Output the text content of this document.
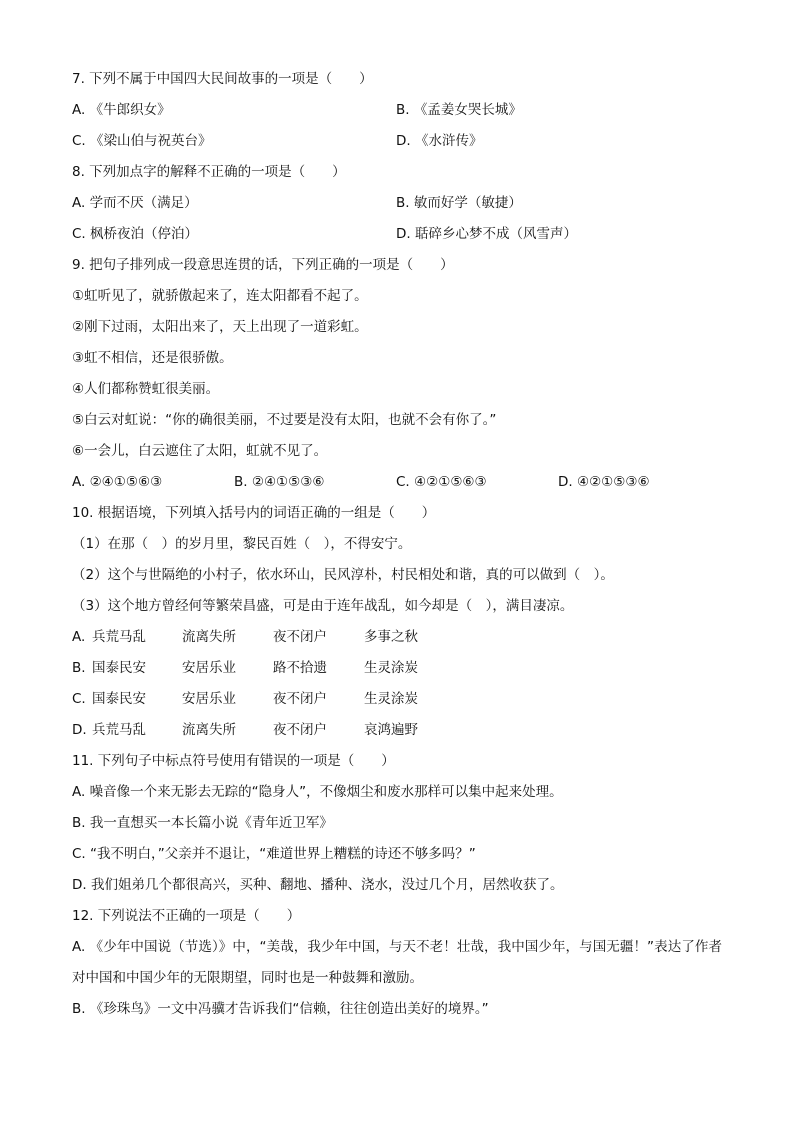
7. 下列不属于中国四大民间故事的一项是（　　）
A. 《牛郎织女》	B. 《孟姜女哭长城》
C. 《梁山伯与祝英台》	D. 《水浒传》
8. 下列加点字的解释不正确的一项是（　　）
A. 学而不厌（满足）	B. 敏而好学（敏捷）
C. 枫桥夜泊（停泊）	D. 聒碎乡心梦不成（风雪声）
9. 把句子排列成一段意思连贯的话，下列正确的一项是（　　）
①虹听见了，就骄傲起来了，连太阳都看不起了。
②刚下过雨，太阳出来了，天上出现了一道彩虹。
③虹不相信，还是很骄傲。
④人们都称赞虹很美丽。
⑤白云对虹说：“你的确很美丽，不过要是没有太阳，也就不会有你了。”
⑥一会儿，白云遮住了太阳，虹就不见了。
A. ②④①⑤⑥③	B. ②④①⑤③⑥	C. ④②①⑤⑥③	D. ④②①⑤③⑥
10. 根据语境，下列填入括号内的词语正确的一组是（　　）
（1）在那（　）的岁月里，黎民百姓（　），不得安宁。
（2）这个与世隔绝的小村子，依水环山，民风淳朴，村民相处和谐，真的可以做到（　）。
（3）这个地方曾经何等繁荣昌盛，可是由于连年战乱，如今却是（　），满目凄凉。
A. 兵荒马乱	流离失所	夜不闭户	多事之秋
B. 国泰民安	安居乐业	路不拾遗	生灵涂炭
C. 国泰民安	安居乐业	夜不闭户	生灵涂炭
D. 兵荒马乱	流离失所	夜不闭户	哀鸿遍野
11. 下列句子中标点符号使用有错误的一项是（　　）
A. 噪音像一个来无影去无踪的“隐身人”，不像烟尘和废水那样可以集中起来处理。
B. 我一直想买一本长篇小说《青年近卫军》
C. “我不明白，”父亲并不退让，“难道世界上糟糕的诗还不够多吗？”
D. 我们姐弟几个都很高兴，买种、翻地、播种、浇水，没过几个月，居然收获了。
12. 下列说法不正确的一项是（　　）
A. 《少年中国说（节选）》中，“美哉，我少年中国，与天不老！壮哉，我中国少年，与国无疆！”表达了作者对中国和中国少年的无限期望，同时也是一种鼓舞和激励。
B. 《珍珠鸟》一文中冯骥才告诉我们“信赖，往往创造出美好的境界。”
